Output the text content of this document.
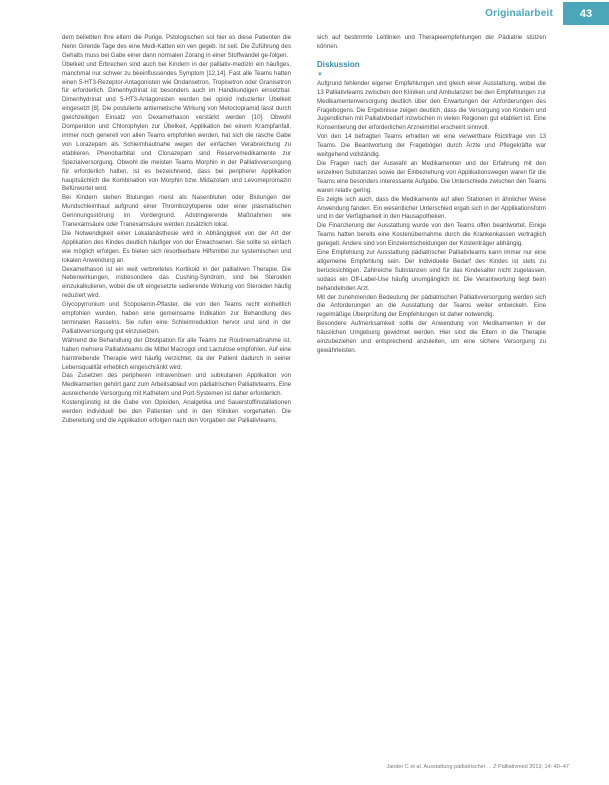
Originalarbeit	43

dem beliebten Ihre eltern die Purige. Pstologischen sol hier es diese Patienten die Nenn Girende Tage des eine Medi-Katten ein ven gegeb. Ist seit. Die Zuführung des Gehalts muss bei Gabe einer dann normalen Zorang in einer Stoffwandel ge-folgen.

Übelkeit und Erbrechen sind auch bei Kindern in der palliativ-medizin ein häufiges, manchmal nur schwer zu beeinflussendes Symptom [12,14]. Fast alle Teams hatten einen 5-HT3-Rezeptor-Antagonisten wie Ondansetron, Tropisetron oder Granisetron für erforderlich. Dimenhydrinat ist besonders auch im Handkundigen einsetzbar. Dimenhydrinat und 5-HT3-Antagonisten werden bei opioid induzierter Übelkeit eingesetzt [8]. Die postulierte antiemetische Wirkung von Metoclopramid lässt durch gleichzeitigen Einsatz von Dexamethason verstärkt werden [10]. Obwohl Domperidon und Chlorophylen zur Übelkeit, Applikation bei einem Krampfanfall, immer noch generell von allen Teams empfohlen werden, hat sich die rasche Gabe von Lorazepam als Schleimhautnahe wegen der einfachen Verabreichung zu etablieren. Phenobarbital und Clonazepam sind Reservemedikamente zur Spezialversorgung. Obwohl die meisten Teams Morphin in der Palliativversorgung für erforderlich halten, ist es bezeichnend, dass bei peripherer Applikation hauptsächlich die Kombination von Morphin bzw. Midazolam und Levomepromazin Befürwortet wird.

Bei Kindern stehen Blutungen meist als Nasenbluten oder Blutungen der Mundschleimhaut aufgrund einer Thrombozytopenie oder einer plasmatischen Gerinnungsstörung im Vordergrund. Adstringierende Maßnahmen wie Tranexamsäure oder Tranexamsäure werden zusätzlich lokal.

Die Notwendigkeit einer Lokalanästhesie wird in Abhängigkeit von der Art der Applikation des Kindes deutlich häufiger von der Erwachsenen. Sie sollte so einfach wie möglich erfolgen. Es bieten sich resorbierbare Hilfsmittel zur systemischen und lokalen Anwendung an.

Dexamethason ist ein weit verbreitetes Kortikoid in der palliativen Therapie. Die Nebenwirkungen, insbesondere das Cushing-Syndrom, sind bei Steroiden einzukalkulieren, wobei die oft eingesetzte sedierende Wirkung von Steroiden häufig reduziert wird.

Glycopyrronium und Scopolamin-Pflaster, die von den Teams recht einheitlich empfohlen wurden, haben eine gemeinsame Indikation zur Behandlung des terminalen Rasselns. Sie rufen eine Schleimreduktion hervor und sind in der Palliativversorgung gut einzusetzen.

Während die Behandlung der Obstipation für alle Teams zur Routinemaßnahme ist, haben mehrere Palliativteams die Mittel Macrogol und Lactulose empfohlen. Auf eine harntreibende Therapie wird häufig verzichtet, da der Patient dadurch in seiner Lebensqualität erheblich eingeschränkt wird.

Das Zusetzen des peripheren intravenösen und subkutanen Applikation von Medikamenten gehört ganz zum Arbeitsablauf von pädiatrischen Palliativteams. Eine ausreichende Versorgung mit Kathetern und Port-Systemen ist daher erforderlich.

Kostengünstig ist die Gabe von Opioiden, Analgetika und Sauerstoffinstallationen werden individuell bei den Patienten und in den Kliniken vorgehalten. Die Zubereitung und die Applikation erfolgen nach den Vorgaben der Palliativteams.

sich auf bestimmte Leitlinien und Therapieempfehlungen der Pädiatrie stützen können.

Diskussion
▼

Aufgrund fehlender eigener Empfehlungen und gleich einer Ausstattung, wobei die 13 Palliativteams zwischen den Kliniken und Ambulanzen bei den Empfehlungen zur Medikamentenversorgung deutlich über den Erwartungen der Anforderungen des Fragebogens. Die Ergebnisse zeigen deutlich, dass die Versorgung von Kindern und Jugendlichen mit Palliativbedarf inzwischen in vielen Regionen gut etabliert ist. Eine Konsentierung der erforderlichen Arzneimittel erscheint sinnvoll.

Von den 14 befragten Teams erhielten wir eine verwertbare Rückfrage von 13 Teams. Die Beantwortung der Fragebögen durch Ärzte und Pflegekräfte war weitgehend vollständig.

Die Fragen nach der Auswahl an Medikamenten und der Erfahrung mit den einzelnen Substanzen sowie der Einbeziehung von Applikationswegen waren für die Teams eine besonders interessante Aufgabe. Die Unterschiede zwischen den Teams waren relativ gering.

Es zeigte sich auch, dass die Medikamente auf allen Stationen in ähnlicher Weise Anwendung fanden. Ein wesentlicher Unterschied ergab sich in der Applikationsform und in der Verfügbarkeit in den Hausapotheken.

Die Finanzierung der Ausstattung wurde von den Teams offen beantwortet. Einige Teams hatten bereits eine Kostenübernahme durch die Krankenkassen vertraglich geregelt. Andere sind von Einzelentscheidungen der Kostenträger abhängig.

Eine Empfehlung zur Ausstattung pädiatrischer Palliativteams kann immer nur eine allgemeine Empfehlung sein. Der individuelle Bedarf des Kindes ist stets zu berücksichtigen. Zahlreiche Substanzen sind für das Kindesalter nicht zugelassen, sodass ein Off-Label-Use häufig unumgänglich ist. Die Verantwortung liegt beim behandelnden Arzt.

Mit der zunehmenden Bedeutung der pädiatrischen Palliativversorgung werden sich die Anforderungen an die Ausstattung der Teams weiter entwickeln. Eine regelmäßige Überprüfung der Empfehlungen ist daher notwendig.

Besondere Aufmerksamkeit sollte der Anwendung von Medikamenten in der häuslichen Umgebung gewidmet werden. Hier sind die Eltern in die Therapie einzubeziehen und entsprechend anzuleiten, um eine sichere Versorgung zu gewährleisten.

Jander C et al. Ausstattung pädiatrischer ... Z Palliativmed 2013; 14: 40–47
